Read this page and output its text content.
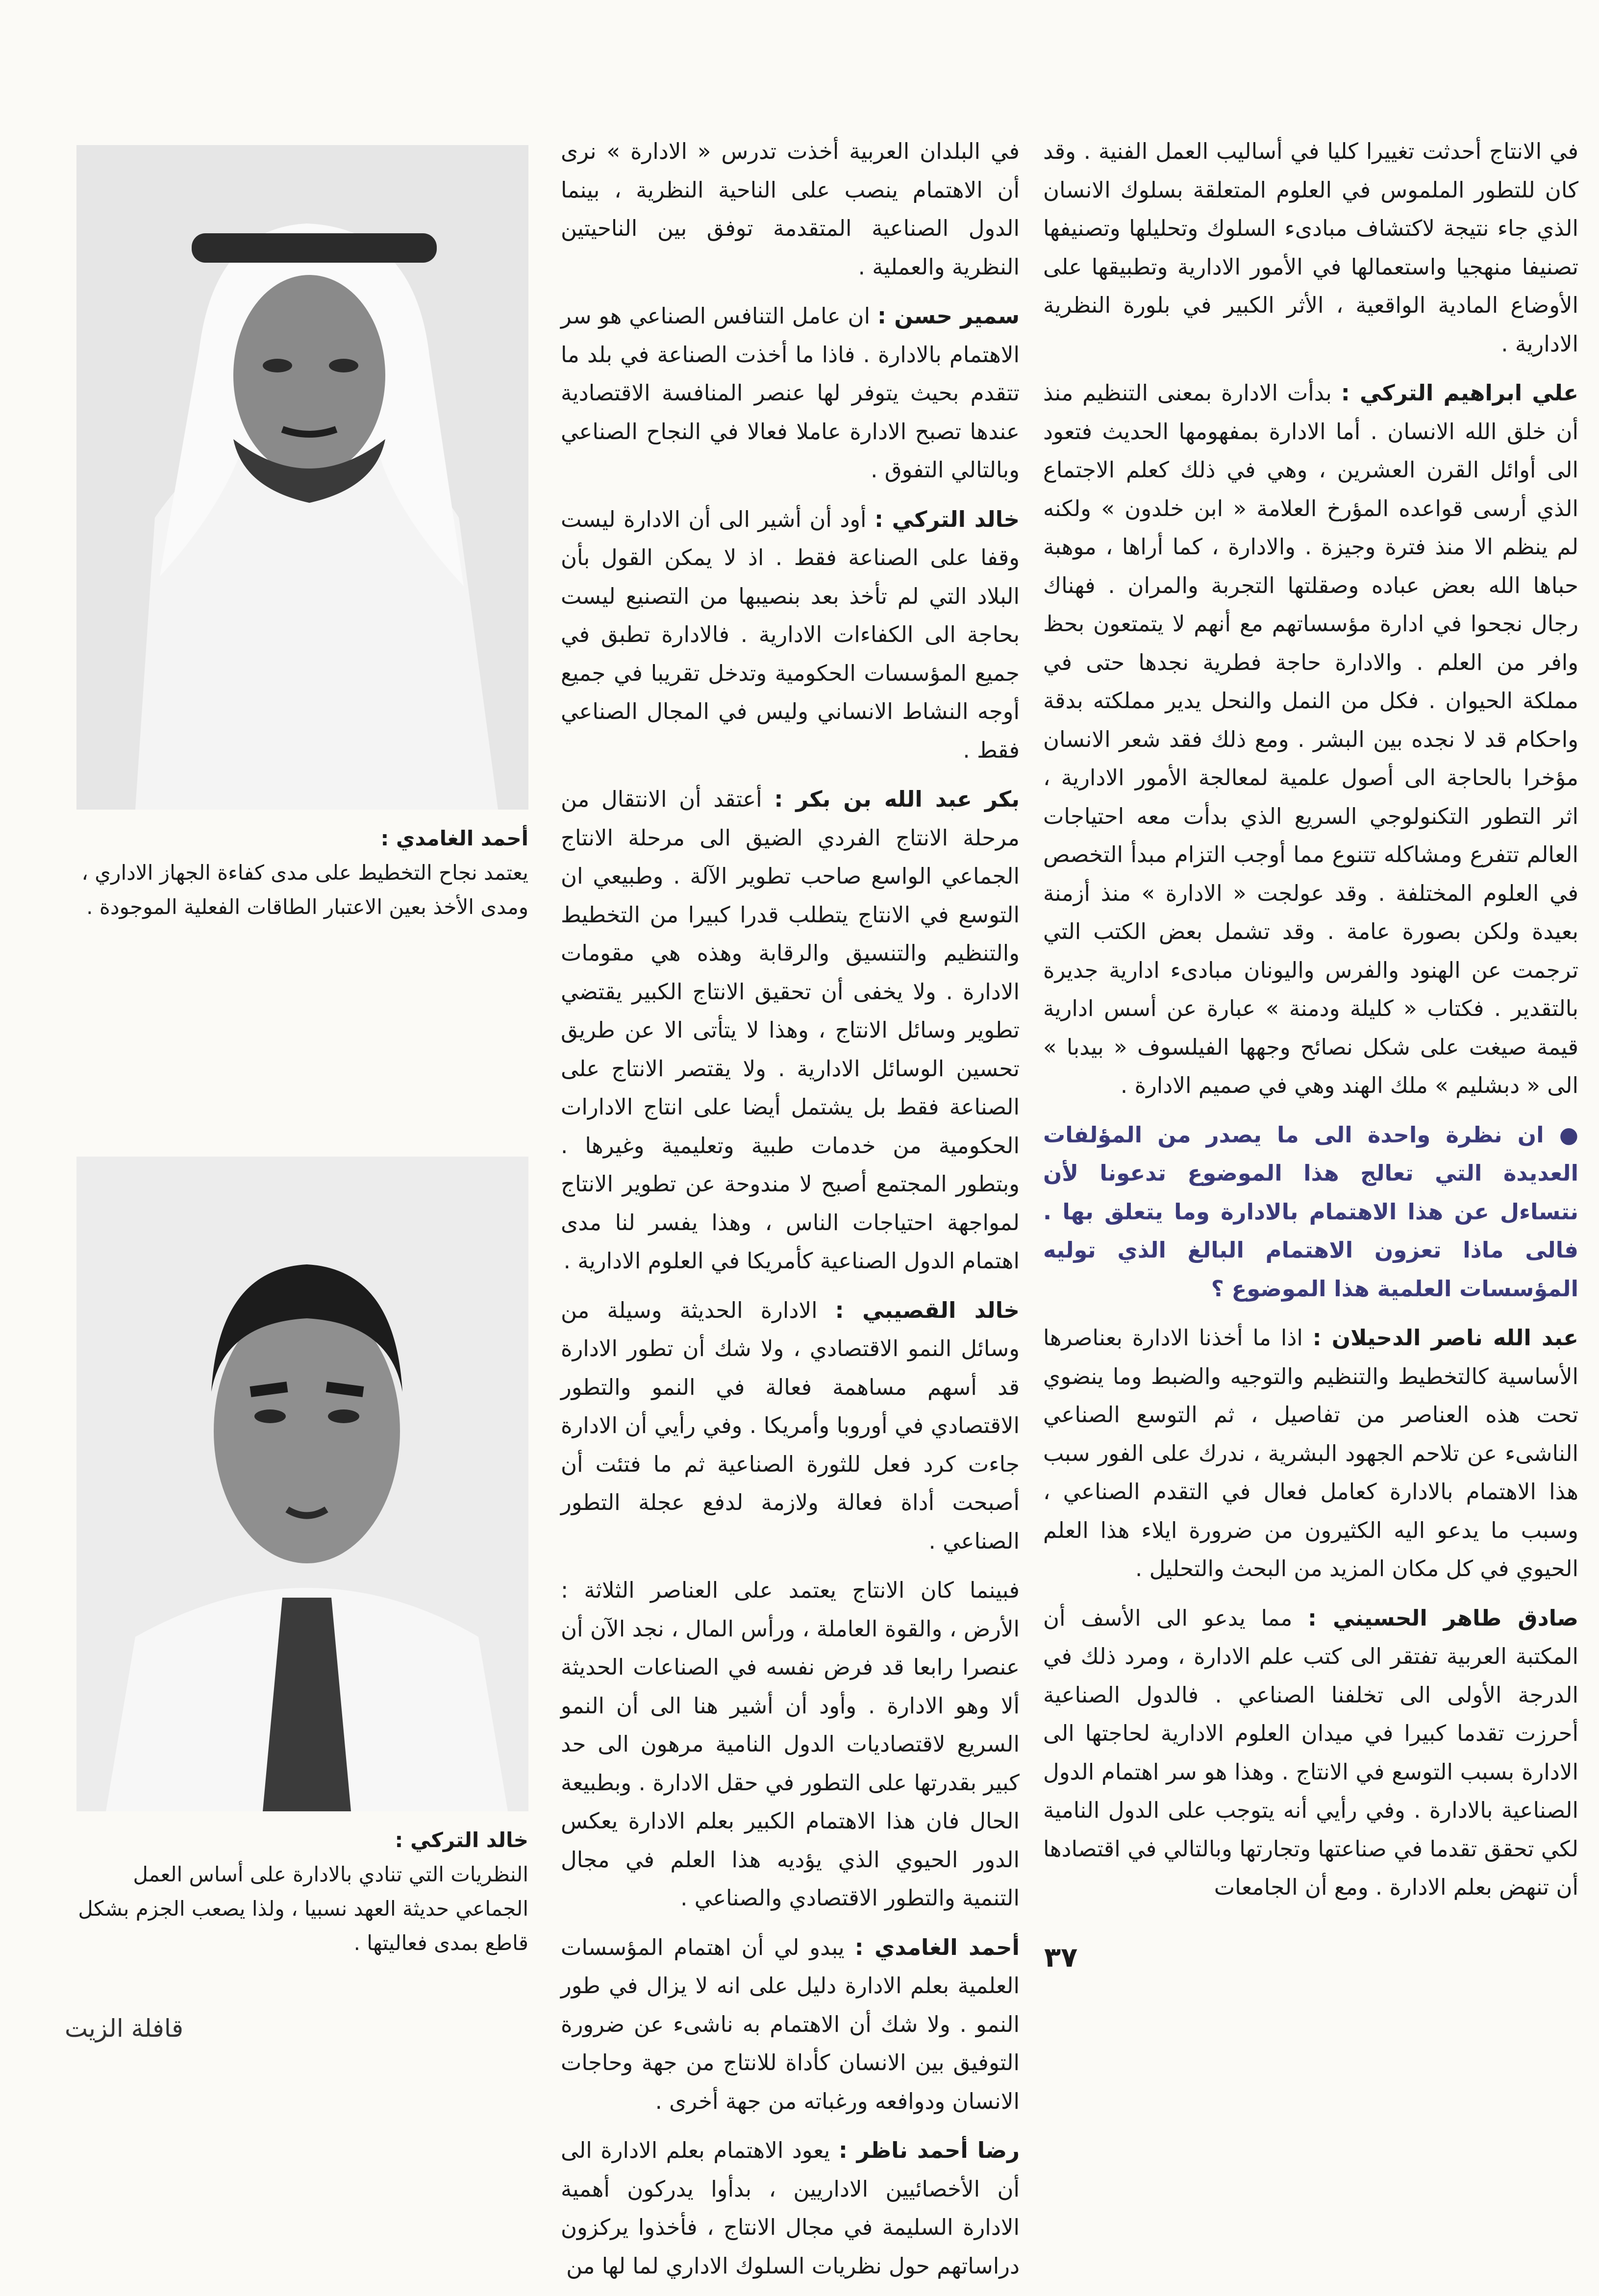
في الانتاج أحدثت تغييرا كليا في أساليب العمل الفنية . وقد كان للتطور الملموس في العلوم المتعلقة بسلوك الانسان الذي جاء نتيجة لاكتشاف مبادىء السلوك وتحليلها وتصنيفها تصنيفا منهجيا واستعمالها في الأمور الادارية وتطبيقها على الأوضاع المادية الواقعية ، الأثر الكبير في بلورة النظرية الادارية .

علي ابراهيم التركي : بدأت الادارة بمعنى التنظيم منذ أن خلق الله الانسان . أما الادارة بمفهومها الحديث فتعود الى أوائل القرن العشرين ، وهي في ذلك كعلم الاجتماع الذي أرسى قواعده المؤرخ العلامة « ابن خلدون » ولكنه لم ينظم الا منذ فترة وجيزة . والادارة ، كما أراها ، موهبة حباها الله بعض عباده وصقلتها التجربة والمران . فهناك رجال نجحوا في ادارة مؤسساتهم مع أنهم لا يتمتعون بحظ وافر من العلم . والادارة حاجة فطرية نجدها حتى في مملكة الحيوان . فكل من النمل والنحل يدير مملكته بدقة واحكام قد لا نجده بين البشر . ومع ذلك فقد شعر الانسان مؤخرا بالحاجة الى أصول علمية لمعالجة الأمور الادارية ، اثر التطور التكنولوجي السريع الذي بدأت معه احتياجات العالم تتفرع ومشاكله تتنوع مما أوجب التزام مبدأ التخصص في العلوم المختلفة . وقد عولجت « الادارة » منذ أزمنة بعيدة ولكن بصورة عامة . وقد تشمل بعض الكتب التي ترجمت عن الهنود والفرس واليونان مبادىء ادارية جديرة بالتقدير . فكتاب « كليلة ودمنة » عبارة عن أسس ادارية قيمة صيغت على شكل نصائح وجهها الفيلسوف « بيدبا » الى « دبشليم » ملك الهند وهي في صميم الادارة .

● ان نظرة واحدة الى ما يصدر من المؤلفات العديدة التي تعالج هذا الموضوع تدعونا لأن نتساءل عن هذا الاهتمام بالادارة وما يتعلق بها . فالى ماذا تعزون الاهتمام البالغ الذي توليه المؤسسات العلمية هذا الموضوع ؟

عبد الله ناصر الدحيلان : اذا ما أخذنا الادارة بعناصرها الأساسية كالتخطيط والتنظيم والتوجيه والضبط وما ينضوي تحت هذه العناصر من تفاصيل ، ثم التوسع الصناعي الناشىء عن تلاحم الجهود البشرية ، ندرك على الفور سبب هذا الاهتمام بالادارة كعامل فعال في التقدم الصناعي ، وسبب ما يدعو اليه الكثيرون من ضرورة ايلاء هذا العلم الحيوي في كل مكان المزيد من البحث والتحليل .

صادق طاهر الحسيني : مما يدعو الى الأسف أن المكتبة العربية تفتقر الى كتب علم الادارة ، ومرد ذلك في الدرجة الأولى الى تخلفنا الصناعي . فالدول الصناعية أحرزت تقدما كبيرا في ميدان العلوم الادارية لحاجتها الى الادارة بسبب التوسع في الانتاج . وهذا هو سر اهتمام الدول الصناعية بالادارة . وفي رأيي أنه يتوجب على الدول النامية لكي تحقق تقدما في صناعتها وتجارتها وبالتالي في اقتصادها أن تنهض بعلم الادارة . ومع أن الجامعات

في البلدان العربية أخذت تدرس « الادارة » نرى أن الاهتمام ينصب على الناحية النظرية ، بينما الدول الصناعية المتقدمة توفق بين الناحيتين النظرية والعملية .

سمير حسن : ان عامل التنافس الصناعي هو سر الاهتمام بالادارة . فاذا ما أخذت الصناعة في بلد ما تتقدم بحيث يتوفر لها عنصر المنافسة الاقتصادية عندها تصبح الادارة عاملا فعالا في النجاح الصناعي وبالتالي التفوق .

خالد التركي : أود أن أشير الى أن الادارة ليست وقفا على الصناعة فقط . اذ لا يمكن القول بأن البلاد التي لم تأخذ بعد بنصيبها من التصنيع ليست بحاجة الى الكفاءات الادارية . فالادارة تطبق في جميع المؤسسات الحكومية وتدخل تقريبا في جميع أوجه النشاط الانساني وليس في المجال الصناعي فقط .

بكر عبد الله بن بكر : أعتقد أن الانتقال من مرحلة الانتاج الفردي الضيق الى مرحلة الانتاج الجماعي الواسع صاحب تطوير الآلة . وطبيعي ان التوسع في الانتاج يتطلب قدرا كبيرا من التخطيط والتنظيم والتنسيق والرقابة وهذه هي مقومات الادارة . ولا يخفى أن تحقيق الانتاج الكبير يقتضي تطوير وسائل الانتاج ، وهذا لا يتأتى الا عن طريق تحسين الوسائل الادارية . ولا يقتصر الانتاج على الصناعة فقط بل يشتمل أيضا على انتاج الادارات الحكومية من خدمات طبية وتعليمية وغيرها . وبتطور المجتمع أصبح لا مندوحة عن تطوير الانتاج لمواجهة احتياجات الناس ، وهذا يفسر لنا مدى اهتمام الدول الصناعية كأمريكا في العلوم الادارية .

خالد القصيبي : الادارة الحديثة وسيلة من وسائل النمو الاقتصادي ، ولا شك أن تطور الادارة قد أسهم مساهمة فعالة في النمو والتطور الاقتصادي في أوروبا وأمريكا . وفي رأيي أن الادارة جاءت كرد فعل للثورة الصناعية ثم ما فتئت أن أصبحت أداة فعالة ولازمة لدفع عجلة التطور الصناعي .

فبينما كان الانتاج يعتمد على العناصر الثلاثة : الأرض ، والقوة العاملة ، ورأس المال ، نجد الآن أن عنصرا رابعا قد فرض نفسه في الصناعات الحديثة ألا وهو الادارة . وأود أن أشير هنا الى أن النمو السريع لاقتصاديات الدول النامية مرهون الى حد كبير بقدرتها على التطور في حقل الادارة . وبطبيعة الحال فان هذا الاهتمام الكبير بعلم الادارة يعكس الدور الحيوي الذي يؤديه هذا العلم في مجال التنمية والتطور الاقتصادي والصناعي .

أحمد الغامدي : يبدو لي أن اهتمام المؤسسات العلمية بعلم الادارة دليل على انه لا يزال في طور النمو . ولا شك أن الاهتمام به ناشىء عن ضرورة التوفيق بين الانسان كأداة للانتاج من جهة وحاجات الانسان ودوافعه ورغباته من جهة أخرى .

رضا أحمد ناظر : يعود الاهتمام بعلم الادارة الى أن الأخصائيين الاداريين ، بدأوا يدركون أهمية الادارة السليمة في مجال الانتاج ، فأخذوا يركزون دراساتهم حول نظريات السلوك الاداري لما لها من

أحمد الغامدي :
يعتمد نجاح التخطيط على مدى كفاءة الجهاز الاداري ، ومدى الأخذ بعين الاعتبار الطاقات الفعلية الموجودة .
خالد التركي :
النظريات التي تنادي بالادارة على أساس العمل الجماعي حديثة العهد نسبيا ، ولذا يصعب الجزم بشكل قاطع بمدى فعاليتها .	٣٧
قافلة الزيت
